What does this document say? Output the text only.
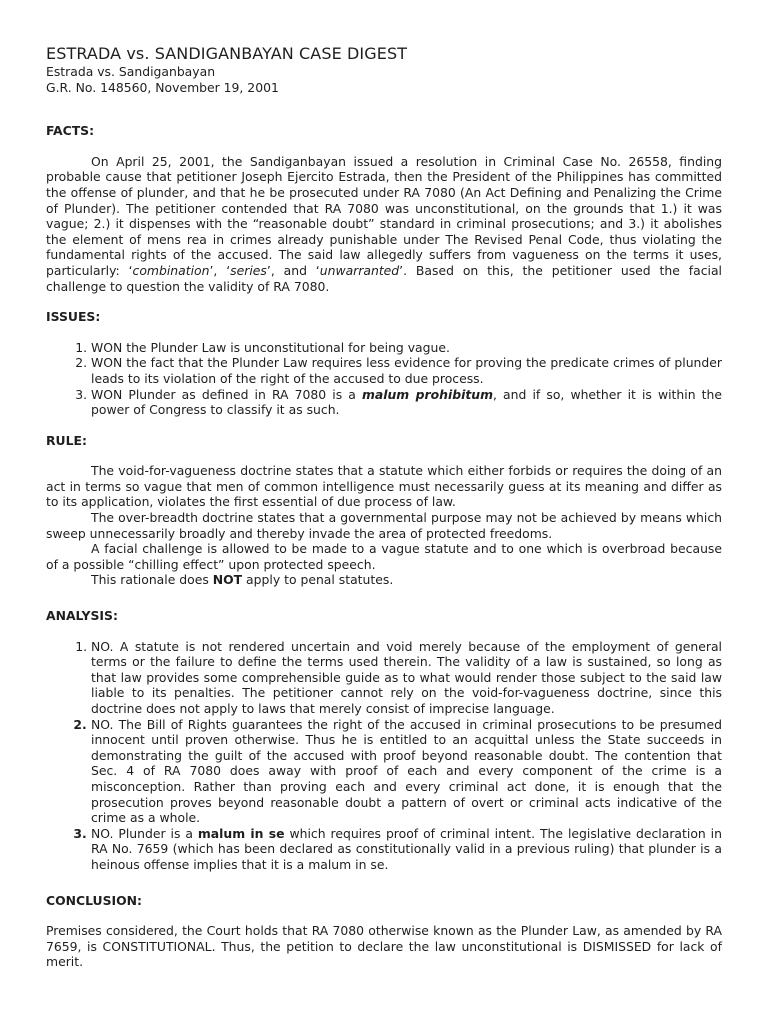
ESTRADA vs. SANDIGANBAYAN CASE DIGEST

Estrada vs. Sandiganbayan

G.R. No. 148560, November 19, 2001

FACTS:

On April 25, 2001, the Sandiganbayan issued a resolution in Criminal Case No. 26558, finding probable cause that petitioner Joseph Ejercito Estrada, then the President of the Philippines has committed the offense of plunder, and that he be prosecuted under RA 7080 (An Act Defining and Penalizing the Crime of Plunder). The petitioner contended that RA 7080 was unconstitutional, on the grounds that 1.) it was vague; 2.) it dispenses with the “reasonable doubt” standard in criminal prosecutions; and 3.) it abolishes the element of mens rea in crimes already punishable under The Revised Penal Code, thus violating the fundamental rights of the accused. The said law allegedly suffers from vagueness on the terms it uses, particularly: ‘combination’, ‘series’, and ‘unwarranted’. Based on this, the petitioner used the facial challenge to question the validity of RA 7080.

ISSUES:

1. WON the Plunder Law is unconstitutional for being vague.
2. WON the fact that the Plunder Law requires less evidence for proving the predicate crimes of plunder leads to its violation of the right of the accused to due process.
3. WON Plunder as defined in RA 7080 is a malum prohibitum, and if so, whether it is within the power of Congress to classify it as such.

RULE:

The void-for-vagueness doctrine states that a statute which either forbids or requires the doing of an act in terms so vague that men of common intelligence must necessarily guess at its meaning and differ as to its application, violates the first essential of due process of law.

The over-breadth doctrine states that a governmental purpose may not be achieved by means which sweep unnecessarily broadly and thereby invade the area of protected freedoms.

A facial challenge is allowed to be made to a vague statute and to one which is overbroad because of a possible “chilling effect” upon protected speech.

This rationale does NOT apply to penal statutes.

ANALYSIS:

1. NO. A statute is not rendered uncertain and void merely because of the employment of general terms or the failure to define the terms used therein. The validity of a law is sustained, so long as that law provides some comprehensible guide as to what would render those subject to the said law liable to its penalties. The petitioner cannot rely on the void-for-vagueness doctrine, since this doctrine does not apply to laws that merely consist of imprecise language.
2. NO. The Bill of Rights guarantees the right of the accused in criminal prosecutions to be presumed innocent until proven otherwise. Thus he is entitled to an acquittal unless the State succeeds in demonstrating the guilt of the accused with proof beyond reasonable doubt. The contention that Sec. 4 of RA 7080 does away with proof of each and every component of the crime is a misconception. Rather than proving each and every criminal act done, it is enough that the prosecution proves beyond reasonable doubt a pattern of overt or criminal acts indicative of the crime as a whole.
3. NO. Plunder is a malum in se which requires proof of criminal intent. The legislative declaration in RA No. 7659 (which has been declared as constitutionally valid in a previous ruling) that plunder is a heinous offense implies that it is a malum in se.

CONCLUSION:

Premises considered, the Court holds that RA 7080 otherwise known as the Plunder Law, as amended by RA 7659, is CONSTITUTIONAL. Thus, the petition to declare the law unconstitutional is DISMISSED for lack of merit.
